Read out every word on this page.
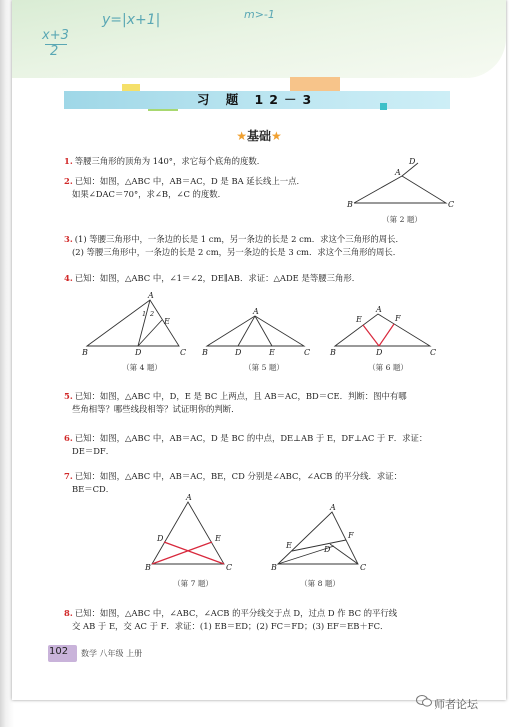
x+3
2
y=|x+1|	m>-1
习 题 12－3
★基础★
1. 等腰三角形的顶角为 140°，求它每个底角的度数．
2. 已知：如图，△ABC 中，AB＝AC，D 是 BA 延长线上一点．
如果∠DAC＝70°，求∠B，∠C 的度数．
B	C
A
D
（第 2 题）
3. (1) 等腰三角形中，一条边的长是 1 cm，另一条边的长是 2 cm．求这个三角形的周长．
(2) 等腰三角形中，一条边的长是 2 cm，另一条边的长是 3 cm．求这个三角形的周长．
4. 已知：如图，△ABC 中，∠1＝∠2，DE∥AB．求证：△ADE 是等腰三角形．
A
B	D	C
E
1 2
（第 4 题）
A
B	D	E	C
（第 5 题）
A
B	D	C
E	F
（第 6 题）
5. 已知：如图，△ABC 中，D，E 是 BC 上两点，且 AB＝AC，BD＝CE．判断：图中有哪
些角相等？哪些线段相等？试证明你的判断．
6. 已知：如图，△ABC 中，AB＝AC，D 是 BC 的中点，DE⊥AB 于 E，DF⊥AC 于 F．求证：
DE＝DF．
7. 已知：如图，△ABC 中，AB＝AC，BE，CD 分别是∠ABC，∠ACB 的平分线．求证：
BE＝CD．
A
B	C
D	E
（第 7 题）
A
B	C
E	D
F
（第 8 题）
8. 已知：如图，△ABC 中，∠ABC，∠ACB 的平分线交于点 D，过点 D 作 BC 的平行线
交 AB 于 E，交 AC 于 F．求证：(1) EB＝ED；(2) FC＝FD；(3) EF＝EB＋FC．
102 数学 八年级 上册
师者论坛
